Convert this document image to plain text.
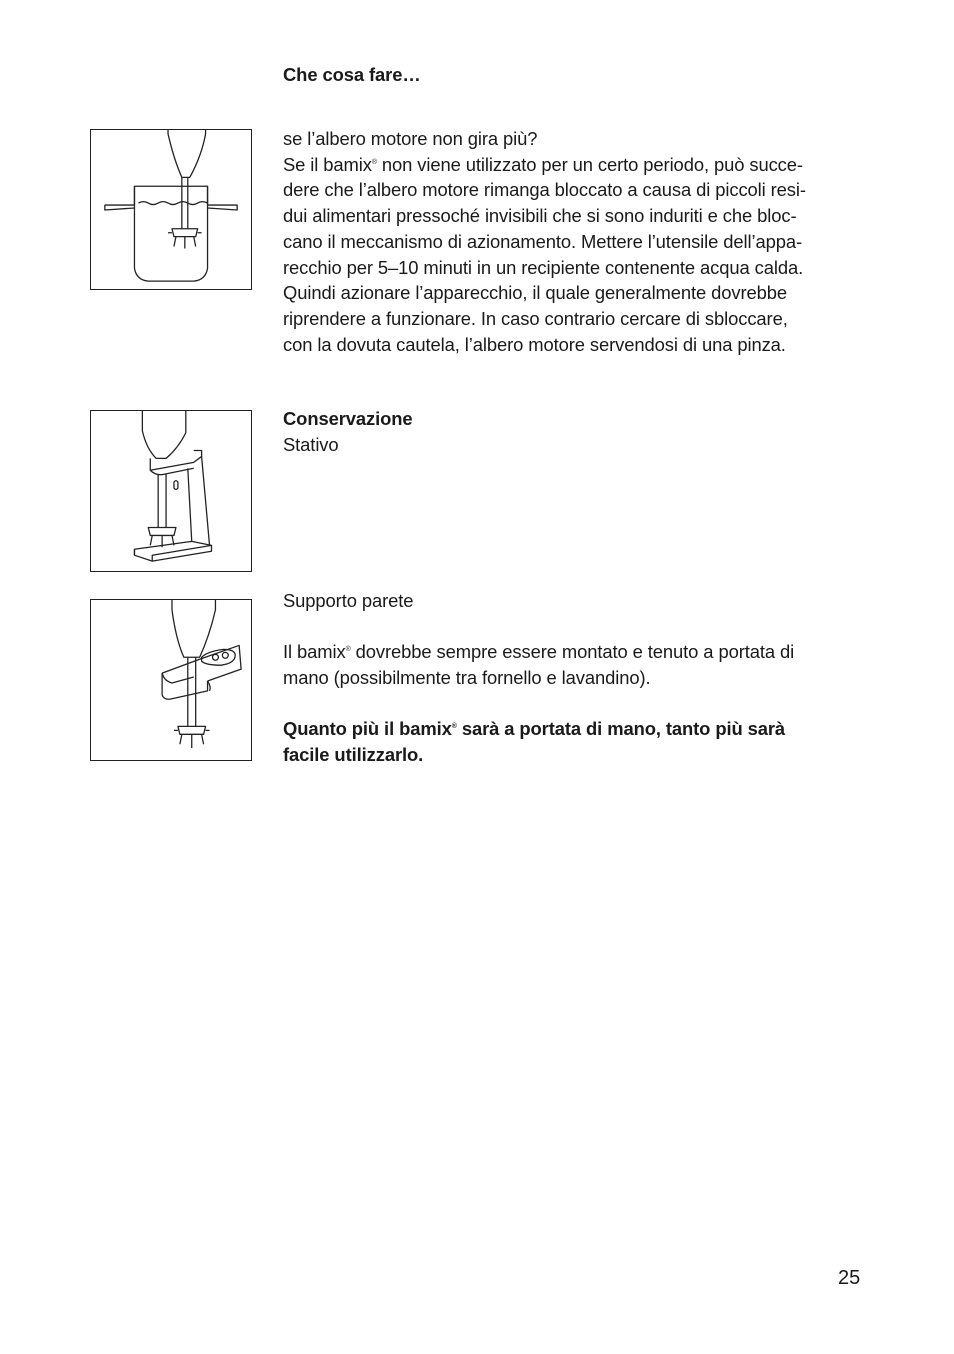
Che cosa fare…

se l’albero motore non gira più?

Se il bamix® non viene utilizzato per un certo periodo, può succe-

dere che l’albero motore rimanga bloccato a causa di piccoli resi-

dui alimentari pressoché invisibili che si sono induriti e che bloc-

cano il meccanismo di azionamento. Mettere l’utensile dell’appa-

recchio per 5–10 minuti in un recipiente contenente acqua calda.

Quindi azionare l’apparecchio, il quale generalmente dovrebbe

riprendere a funzionare. In caso contrario cercare di sbloccare,

con la dovuta cautela, l’albero motore servendosi di una pinza.

Conservazione

Stativo

Supporto parete

Il bamix® dovrebbe sempre essere montato e tenuto a portata di

mano (possibilmente tra fornello e lavandino).

Quanto più il bamix® sarà a portata di mano, tanto più sarà

facile utilizzarlo.

25
